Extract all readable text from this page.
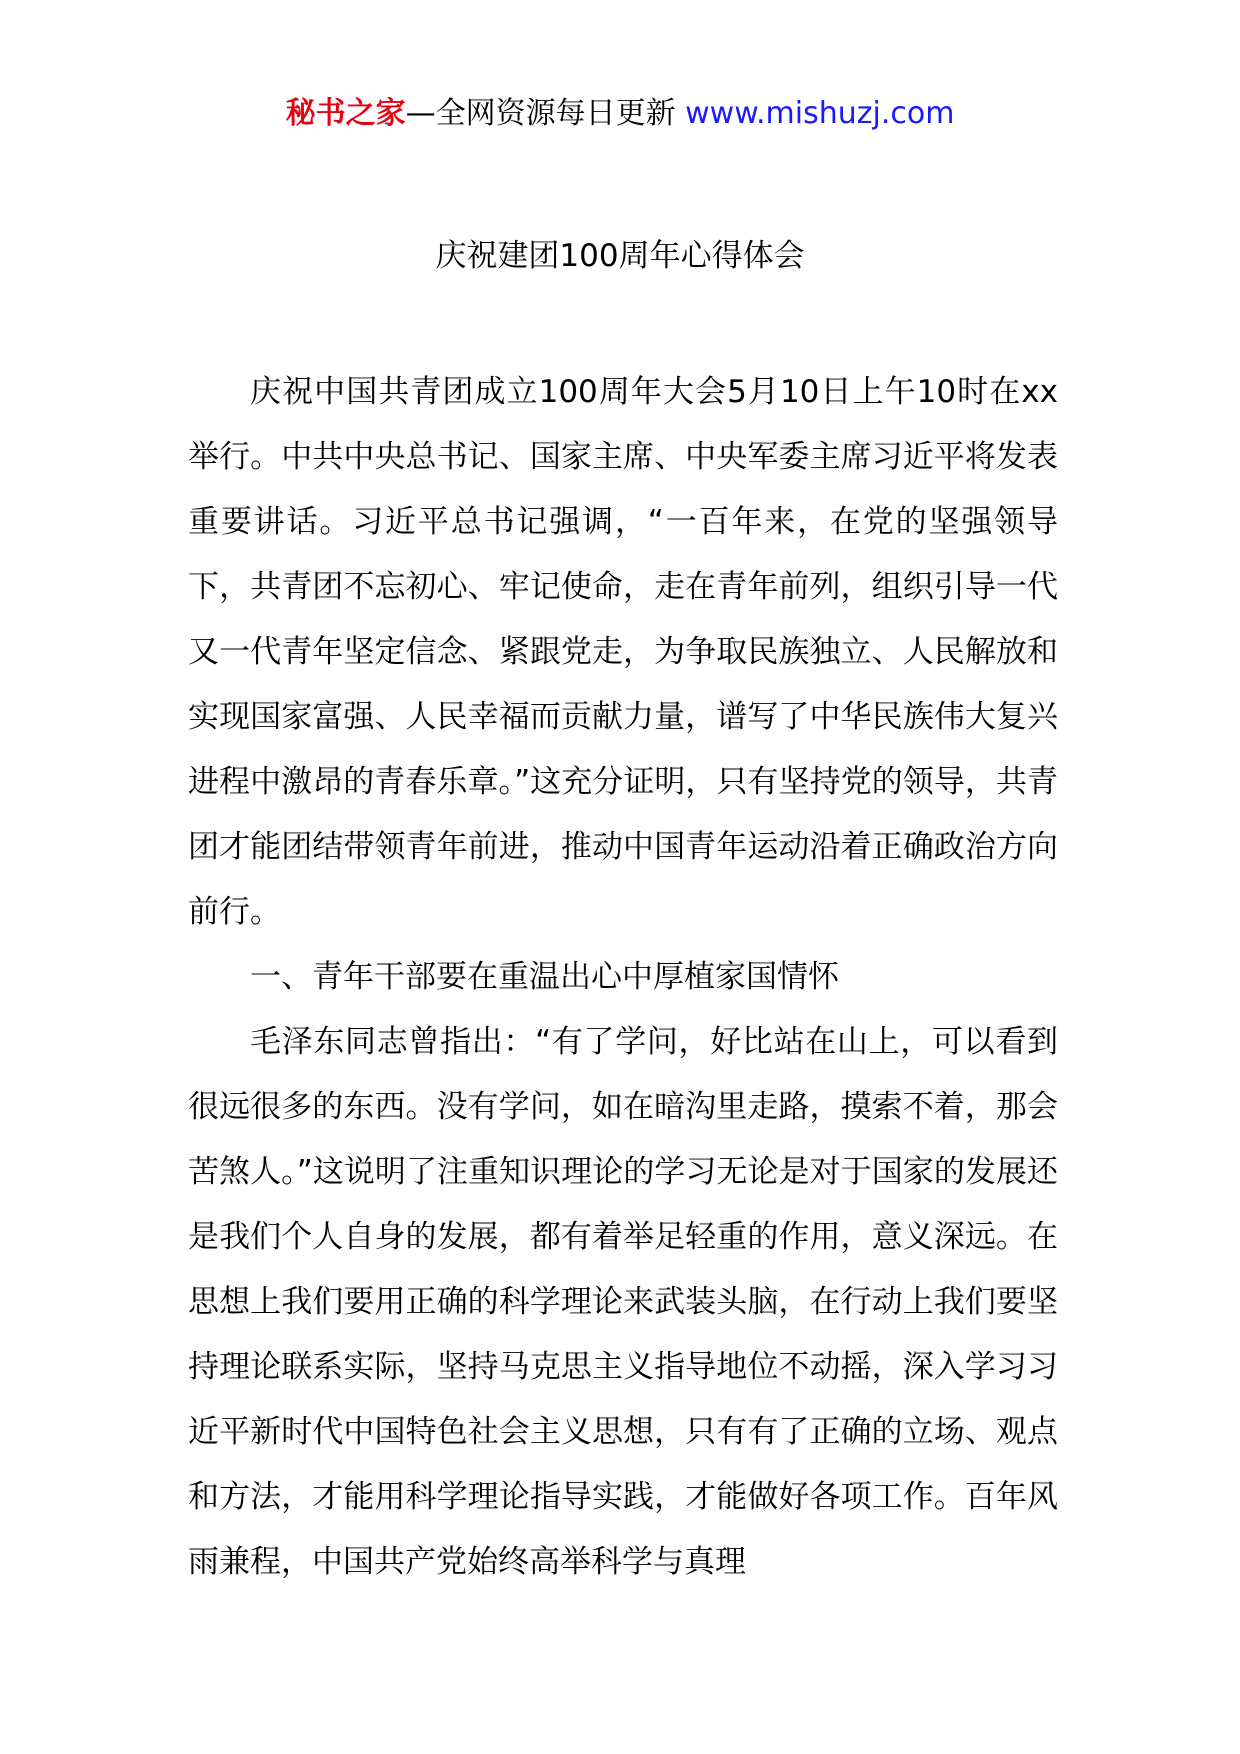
秘书之家—全网资源每日更新 www.mishuzj.com
庆祝建团100周年心得体会

庆祝中国共青团成立100周年大会5月10日上午10时在xx举行。中共中央总书记、国家主席、中央军委主席习近平将发表重要讲话。习近平总书记强调，“一百年来，在党的坚强领导下，共青团不忘初心、牢记使命，走在青年前列，组织引导一代又一代青年坚定信念、紧跟党走，为争取民族独立、人民解放和实现国家富强、人民幸福而贡献力量，谱写了中华民族伟大复兴进程中激昂的青春乐章。”这充分证明，只有坚持党的领导，共青团才能团结带领青年前进，推动中国青年运动沿着正确政治方向前行。

一、青年干部要在重温出心中厚植家国情怀

毛泽东同志曾指出：“有了学问，好比站在山上，可以看到很远很多的东西。没有学问，如在暗沟里走路，摸索不着，那会苦煞人。”这说明了注重知识理论的学习无论是对于国家的发展还是我们个人自身的发展，都有着举足轻重的作用，意义深远。在思想上我们要用正确的科学理论来武装头脑，在行动上我们要坚持理论联系实际，坚持马克思主义指导地位不动摇，深入学习习近平新时代中国特色社会主义思想，只有有了正确的立场、观点和方法，才能用科学理论指导实践，才能做好各项工作。百年风雨兼程，中国共产党始终高举科学与真理
